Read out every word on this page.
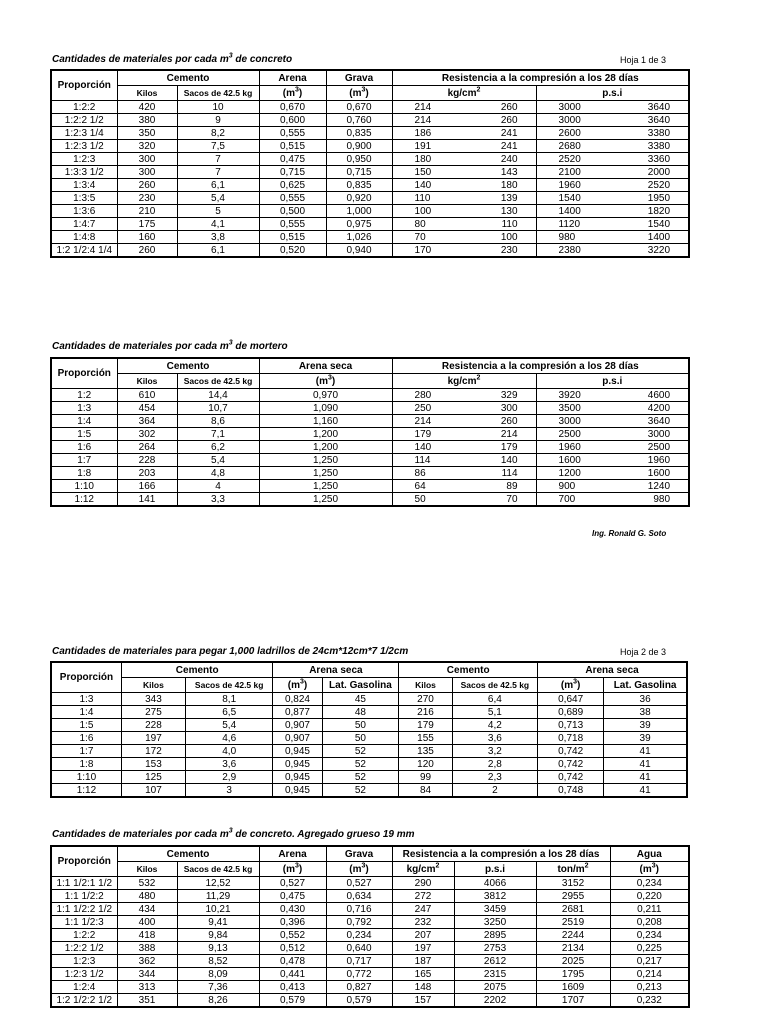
Cantidades de materiales por cada $m^3$ de concreto	Hoja 1 de 3
Proporción	Cemento		Arena	Grava	Resistencia a la compresión a los 28 días			
	Kilos	Sacos de 42.5 kg	$(m^3)$	$(m^3)$	$kg/cm^2$		p.s.i	
1:2:2	420	10	0,670	0,670	214	260	3000	3640
1:2:2 1/2	380	9	0,600	0,760	214	260	3000	3640
1:2:3 1/4	350	8,2	0,555	0,835	186	241	2600	3380
1:2:3 1/2	320	7,5	0,515	0,900	191	241	2680	3380
1:2:3	300	7	0,475	0,950	180	240	2520	3360
1:3:3 1/2	300	7	0,715	0,715	150	143	2100	2000
1:3:4	260	6,1	0,625	0,835	140	180	1960	2520
1:3:5	230	5,4	0,555	0,920	110	139	1540	1950
1:3:6	210	5	0,500	1,000	100	130	1400	1820
1:4:7	175	4,1	0,555	0,975	80	110	1120	1540
1:4:8	160	3,8	0,515	1,026	70	100	980	1400
1:2 1/2:4 1/4	260	6,1	0,520	0,940	170	230	2380	3220
Cantidades de materiales por cada $m^3$ de mortero
Proporción	Cemento		Arena seca	Resistencia a la compresión a los 28 días			
	Kilos	Sacos de 42.5 kg	$(m^3)$	$kg/cm^2$		p.s.i	
1:2	610	14,4	0,970	280	329	3920	4600
1:3	454	10,7	1,090	250	300	3500	4200
1:4	364	8,6	1,160	214	260	3000	3640
1:5	302	7,1	1,200	179	214	2500	3000
1:6	264	6,2	1,200	140	179	1960	2500
1:7	228	5,4	1,250	114	140	1600	1960
1:8	203	4,8	1,250	86	114	1200	1600
1:10	166	4	1,250	64	89	900	1240
1:12	141	3,3	1,250	50	70	700	980
Ing. Ronald G. Soto
Cantidades de materiales para pegar 1,000 ladrillos de 24cm*12cm*7 1/2cm	Hoja 2 de 3
Proporción	Cemento		Arena seca		Cemento		Arena seca	
	Kilos	Sacos de 42.5 kg	$(m^3)$	Lat. Gasolina	Kilos	Sacos de 42.5 kg	$(m^3)$	Lat. Gasolina
1:3	343	8,1	0,824	45	270	6,4	0,647	36
1:4	275	6,5	0,877	48	216	5,1	0,689	38
1:5	228	5,4	0,907	50	179	4,2	0,713	39
1:6	197	4,6	0,907	50	155	3,6	0,718	39
1:7	172	4,0	0,945	52	135	3,2	0,742	41
1:8	153	3,6	0,945	52	120	2,8	0,742	41
1:10	125	2,9	0,945	52	99	2,3	0,742	41
1:12	107	3	0,945	52	84	2	0,748	41
Cantidades de materiales por cada $m^3$ de concreto. Agregado grueso 19 mm
Proporción	Cemento		Arena	Grava	Resistencia a la compresión a los 28 días			Agua
	Kilos	Sacos de 42.5 kg	$(m^3)$	$(m^3)$	$kg/cm^2$	p.s.i	ton/$m^2$	$(m^3)$
1:1 1/2:1 1/2	532	12,52	0,527	0,527	290	4066	3152	0,234
1:1 1/2:2	480	11,29	0,475	0,634	272	3812	2955	0,220
1:1 1/2:2 1/2	434	10,21	0,430	0,716	247	3459	2681	0,211
1:1 1/2:3	400	9,41	0,396	0,792	232	3250	2519	0,208
1:2:2	418	9,84	0,552	0,234	207	2895	2244	0,234
1:2:2 1/2	388	9,13	0,512	0,640	197	2753	2134	0,225
1:2:3	362	8,52	0,478	0,717	187	2612	2025	0,217
1:2:3 1/2	344	8,09	0,441	0,772	165	2315	1795	0,214
1:2:4	313	7,36	0,413	0,827	148	2075	1609	0,213
1:2 1/2:2 1/2	351	8,26	0,579	0,579	157	2202	1707	0,232
